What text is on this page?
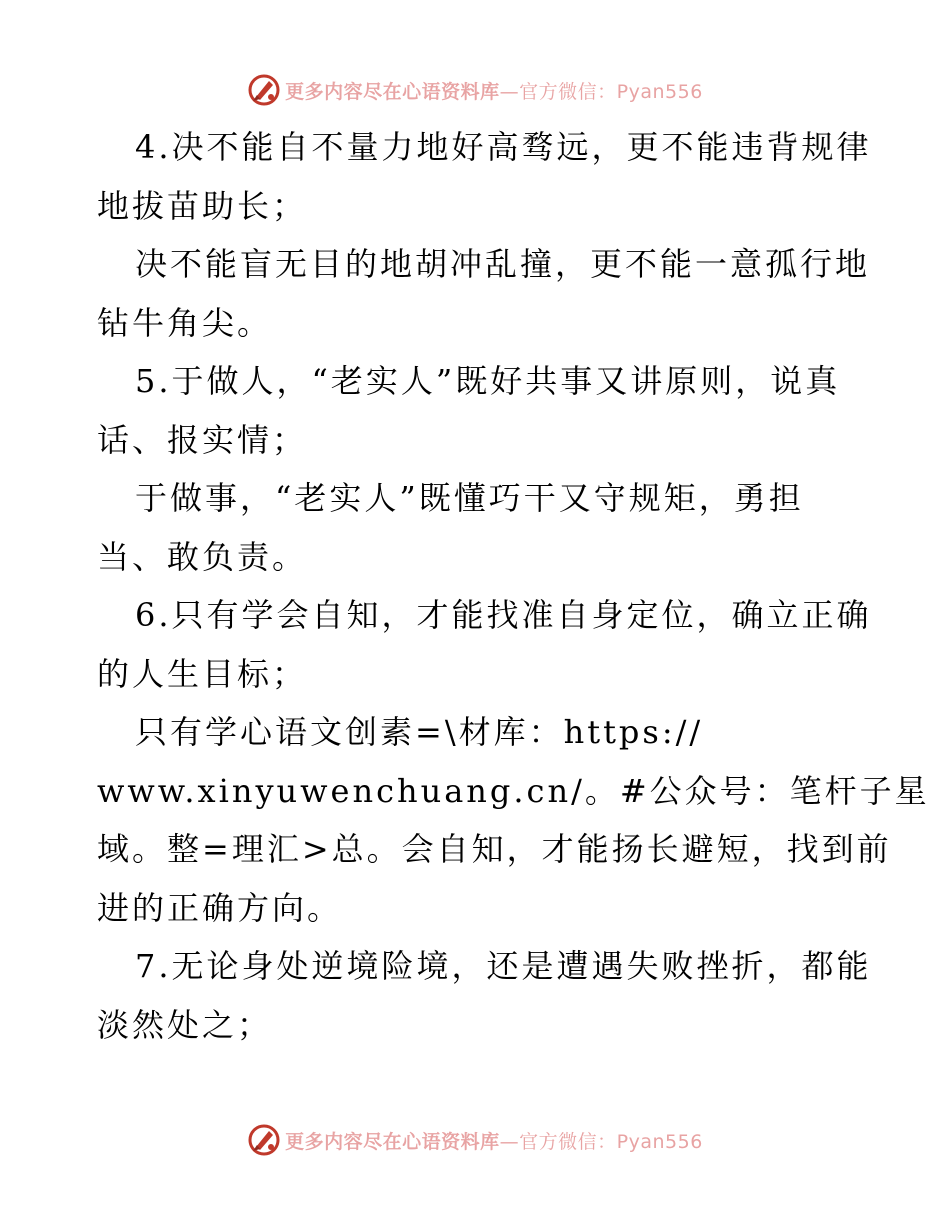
更多内容尽在心语资料库 —官方微信：Pyan556
4.决不能自不量力地好高骛远，更不能违背规律
地拔苗助长；
决不能盲无目的地胡冲乱撞，更不能一意孤行地
钻牛角尖。
5.于做人，“老实人”既好共事又讲原则，说真
话、报实情；
于做事，“老实人”既懂巧干又守规矩，勇担
当、敢负责。
6.只有学会自知，才能找准自身定位，确立正确
的人生目标；
只有学心语文创素=\材库：https://
www.xinyuwenchuang.cn/。#公众号：笔杆子星
域。整=理汇>总。会自知，才能扬长避短，找到前
进的正确方向。
7.无论身处逆境险境，还是遭遇失败挫折，都能
淡然处之；
更多内容尽在心语资料库 —官方微信：Pyan556
